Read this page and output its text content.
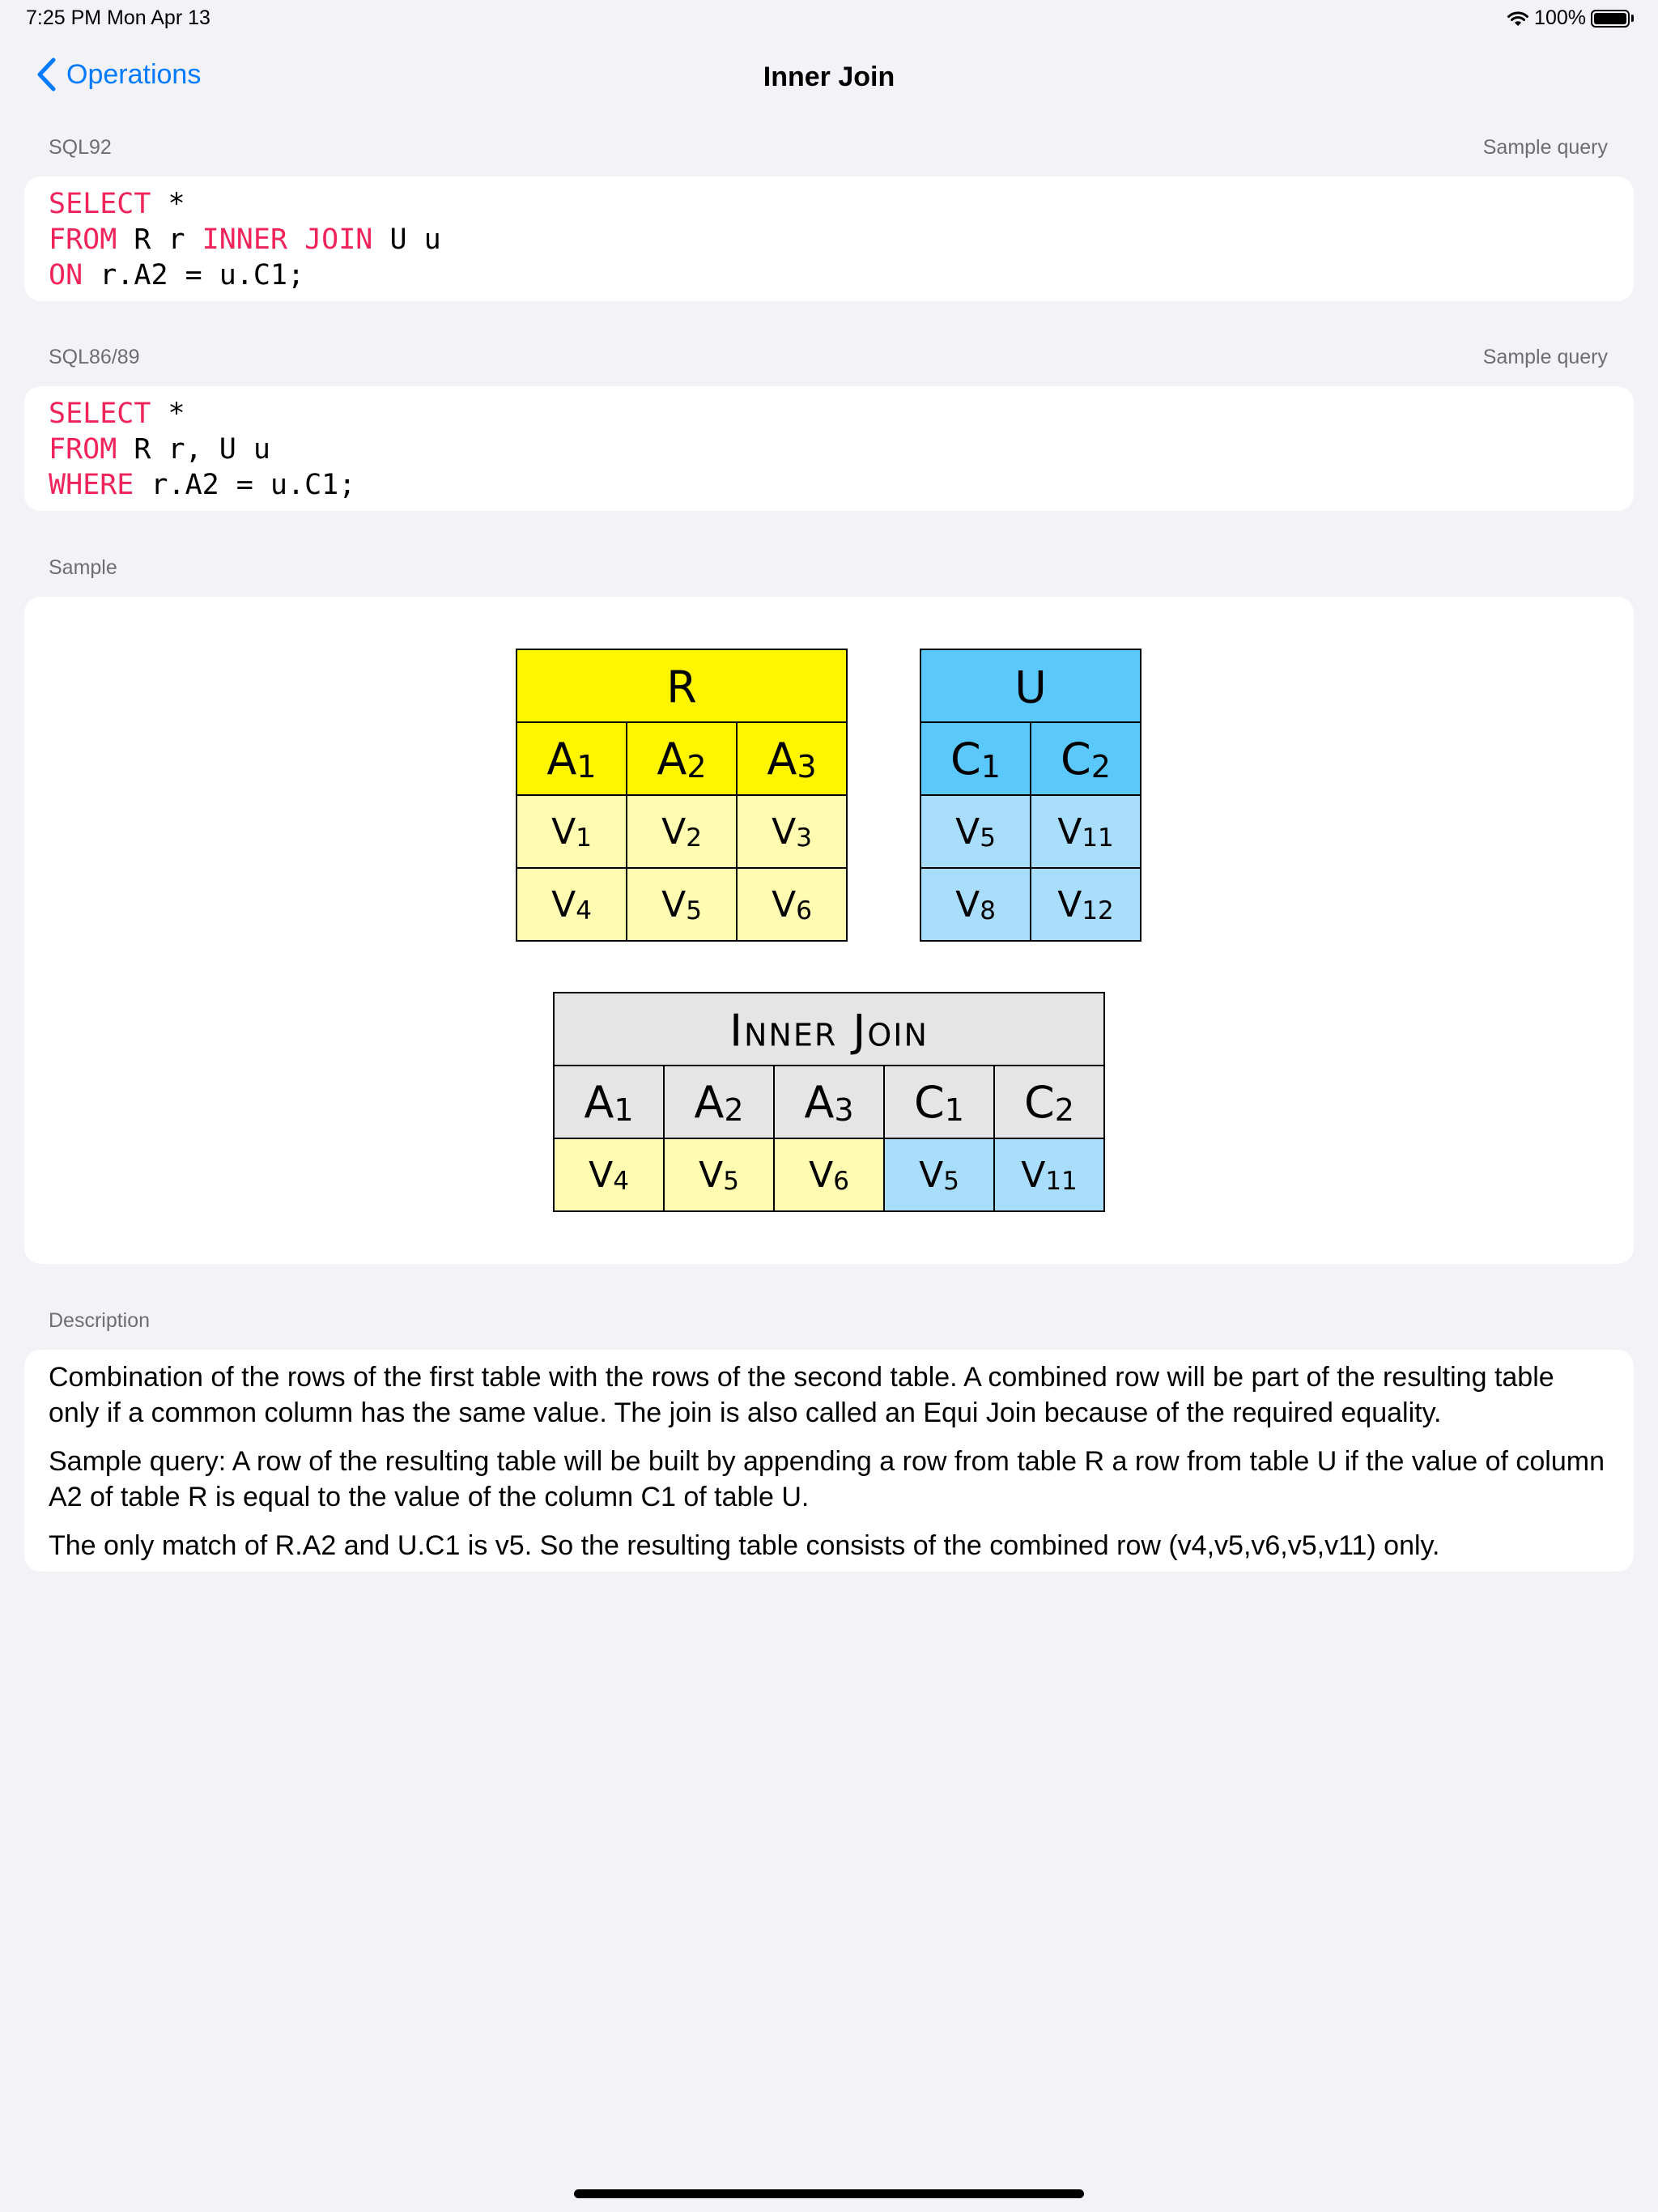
7:25 PM Mon Apr 13	100%
Operations	Inner Join
SQL92	Sample query
SELECT *
FROM R r INNER JOIN U u
ON r.A2 = u.C1;
SQL86/89	Sample query
SELECT *
FROM R r, U u
WHERE r.A2 = u.C1;
Sample
R
A1 A2 A3
V1 V2 V3
V4 V5 V6
U
C1 C2
V5 V11
V8 V12
Inner Join
A1 A2 A3 C1 C2
V4 V5 V6 V5 V11
Description

Combination of the rows of the first table with the rows of the second table. A combined row will be part of the resulting table only if a common column has the same value. The join is also called an Equi Join because of the required equality.

Sample query: A row of the resulting table will be built by appending a row from table R a row from table U if the value of column A2 of table R is equal to the value of the column C1 of table U.

The only match of R.A2 and U.C1 is v5. So the resulting table consists of the combined row (v4,v5,v6,v5,v11) only.
